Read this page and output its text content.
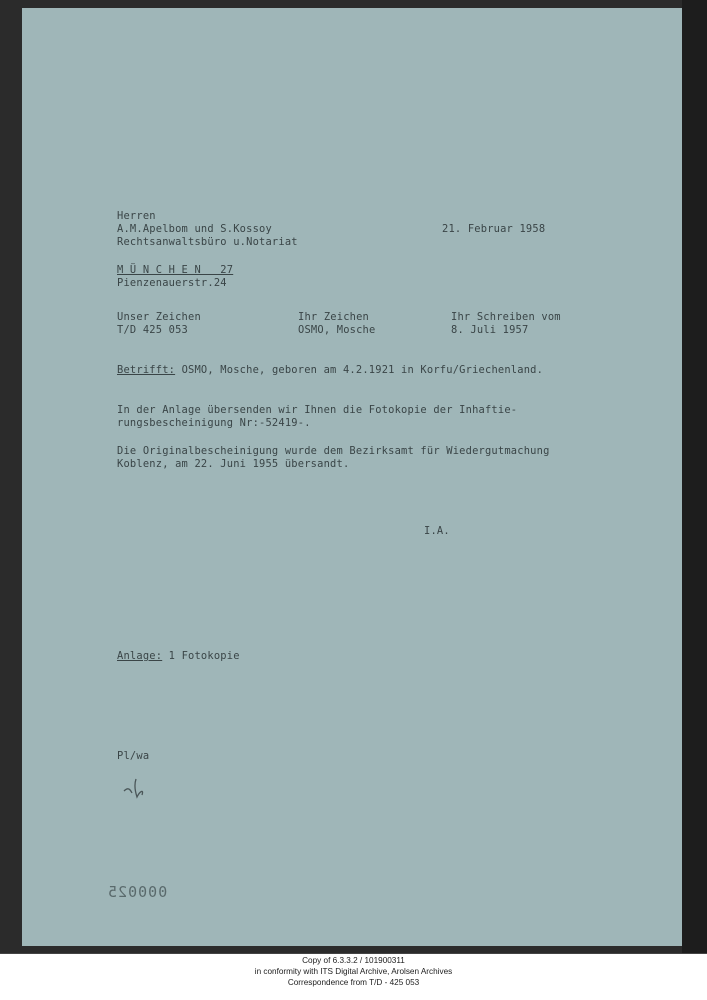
Herren
A.M.Apelbom und S.Kossoy
Rechtsanwaltsbüro u.Notariat
21. Februar 1958
M Ü N C H E N   27
Pienzenauerstr.24
Unser Zeichen
T/D 425 053
Ihr Zeichen
OSMO, Mosche
Ihr Schreiben vom
8. Juli 1957
Betrifft: OSMO, Mosche, geboren am 4.2.1921 in Korfu/Griechenland.
In der Anlage übersenden wir Ihnen die Fotokopie der Inhaftie-
rungsbescheinigung Nr:-52419-.
Die Originalbescheinigung wurde dem Bezirksamt für Wiedergutmachung
Koblenz, am 22. Juni 1955 übersandt.
I.A.
Anlage: 1 Fotokopie
Pl/wa
000025
Copy of 6.3.3.2 / 101900311
in conformity with ITS Digital Archive, Arolsen Archives
Correspondence from T/D - 425 053
